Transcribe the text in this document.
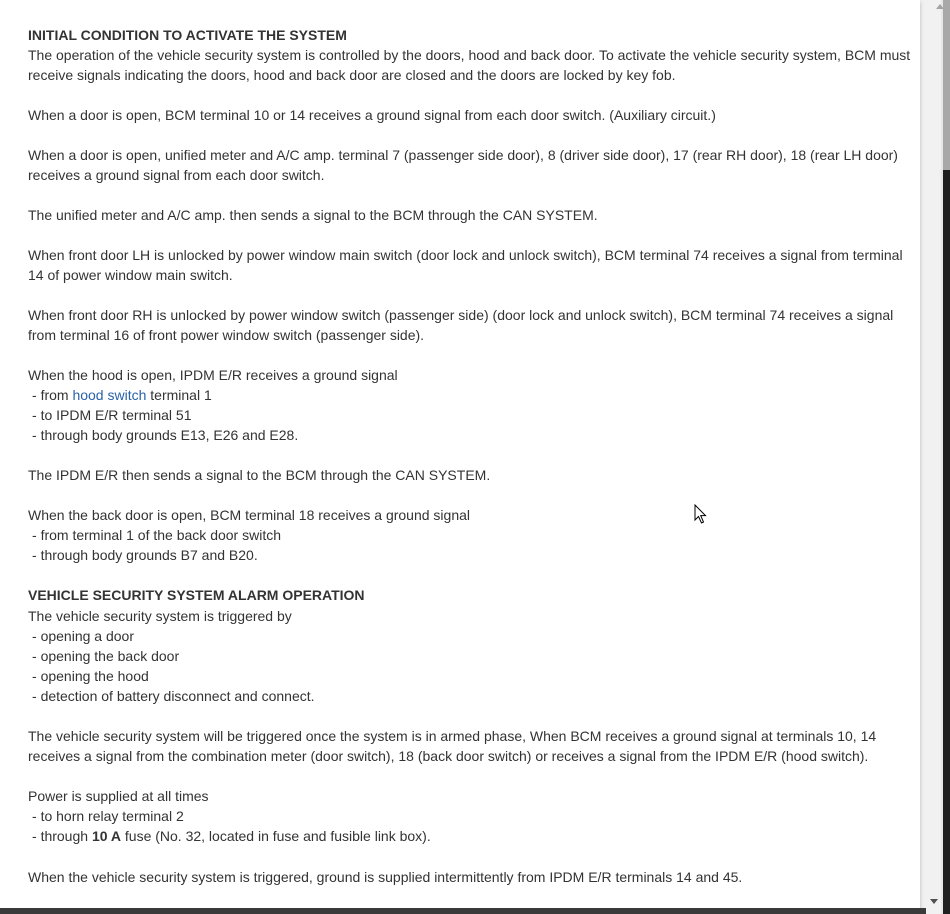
INITIAL CONDITION TO ACTIVATE THE SYSTEM
The operation of the vehicle security system is controlled by the doors, hood and back door. To activate the vehicle security system, BCM must receive signals indicating the doors, hood and back door are closed and the doors are locked by key fob.

When a door is open, BCM terminal 10 or 14 receives a ground signal from each door switch. (Auxiliary circuit.)

When a door is open, unified meter and A/C amp. terminal 7 (passenger side door), 8 (driver side door), 17 (rear RH door), 18 (rear LH door) receives a ground signal from each door switch.

The unified meter and A/C amp. then sends a signal to the BCM through the CAN SYSTEM.

When front door LH is unlocked by power window main switch (door lock and unlock switch), BCM terminal 74 receives a signal from terminal 14 of power window main switch.

When front door RH is unlocked by power window switch (passenger side) (door lock and unlock switch), BCM terminal 74 receives a signal from terminal 16 of front power window switch (passenger side).

When the hood is open, IPDM E/R receives a ground signal
- from hood switch terminal 1
- to IPDM E/R terminal 51
- through body grounds E13, E26 and E28.

The IPDM E/R then sends a signal to the BCM through the CAN SYSTEM.

When the back door is open, BCM terminal 18 receives a ground signal
- from terminal 1 of the back door switch
- through body grounds B7 and B20.
VEHICLE SECURITY SYSTEM ALARM OPERATION
The vehicle security system is triggered by
- opening a door
- opening the back door
- opening the hood
- detection of battery disconnect and connect.

The vehicle security system will be triggered once the system is in armed phase, When BCM receives a ground signal at terminals 10, 14 receives a signal from the combination meter (door switch), 18 (back door switch) or receives a signal from the IPDM E/R (hood switch).

Power is supplied at all times
- to horn relay terminal 2
- through 10 A fuse (No. 32, located in fuse and fusible link box).

When the vehicle security system is triggered, ground is supplied intermittently from IPDM E/R terminals 14 and 45.
